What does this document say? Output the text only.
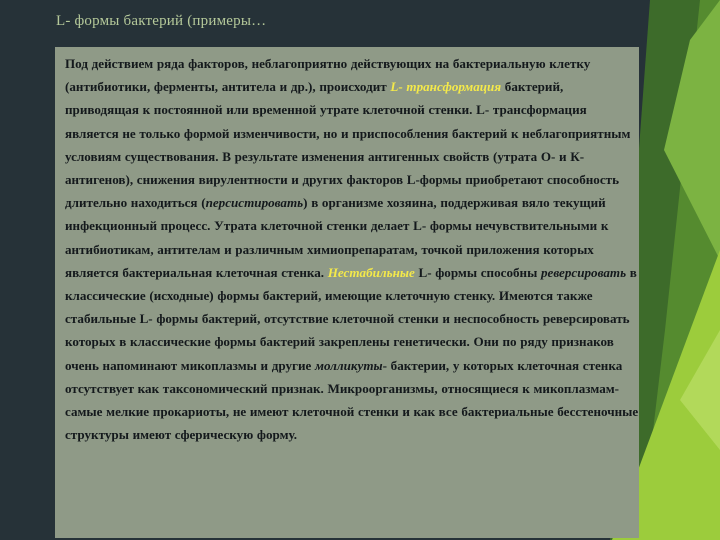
L- формы бактерий (примеры…

Под действием ряда факторов, неблагоприятно действующих на бактериальную клетку (антибиотики, ферменты, антитела и др.), происходит L- трансформация бактерий, приводящая к постоянной или временной утрате клеточной стенки. L- трансформация является не только формой изменчивости, но и приспособления бактерий к неблагоприятным условиям существования. В результате изменения антигенных свойств (утрата О- и К- антигенов), снижения вирулентности и других факторов L-формы приобретают способность длительно находиться (персистировать) в организме хозяина, поддерживая вяло текущий инфекционный процесс. Утрата клеточной стенки делает L- формы нечувствительными к антибиотикам, антителам и различным химиопрепаратам, точкой приложения которых является бактериальная клеточная стенка. Нестабильные L- формы способны реверсировать в классические (исходные) формы бактерий, имеющие клеточную стенку. Имеются также стабильные L- формы бактерий, отсутствие клеточной стенки и неспособность реверсировать которых в классические формы бактерий закреплены генетически. Они по ряду признаков очень напоминают микоплазмы и другие молликуты- бактерии, у которых клеточная стенка отсутствует как таксономический признак. Микроорганизмы, относящиеся к микоплазмам- самые мелкие прокариоты, не имеют клеточной стенки и как все бактериальные бесстеночные структуры имеют сферическую форму.
